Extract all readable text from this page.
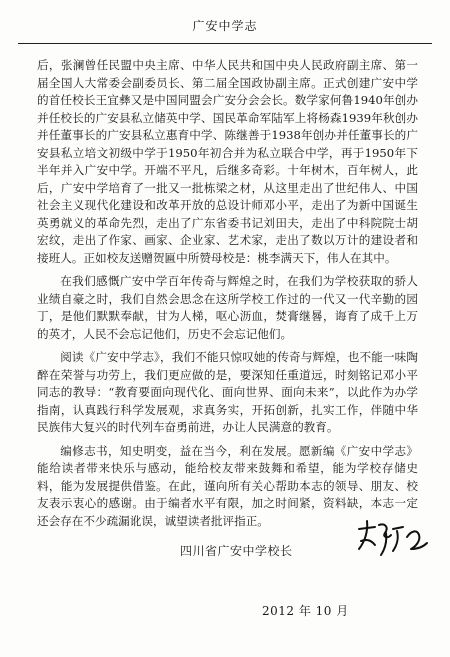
广安中学志

后，张澜曾任民盟中央主席、中华人民共和国中央人民政府副主席、第一届全国人大常委会副委员长、第二届全国政协副主席。正式创建广安中学的首任校长王宜彝又是中国同盟会广安分会会长。数学家何鲁1940年创办并任校长的广安县私立储英中学、国民革命军陆军上将杨森1939年秋创办并任董事长的广安县私立惠育中学、陈继善于1938年创办并任董事长的广安县私立培文初级中学于1950年初合并为私立联合中学，再于1950年下半年并入广安中学。开端不平凡，后继多奇彩。十年树木，百年树人，此后，广安中学培育了一批又一批栋梁之材，从这里走出了世纪伟人、中国社会主义现代化建设和改革开放的总设计师邓小平，走出了为新中国诞生英勇就义的革命先烈，走出了广东省委书记刘田夫，走出了中科院院士胡宏纹，走出了作家、画家、企业家、艺术家，走出了数以万计的建设者和接班人。正如校友送赠贺匾中所赞母校是：桃李满天下，伟人在其中。

在我们感慨广安中学百年传奇与辉煌之时，在我们为学校获取的骄人业绩自豪之时，我们自然会思念在这所学校工作过的一代又一代辛勤的园丁，是他们默默奉献，甘为人梯，呕心沥血，焚膏继晷，诲育了成千上万的英才，人民不会忘记他们，历史不会忘记他们。

阅读《广安中学志》，我们不能只惊叹她的传奇与辉煌，也不能一味陶醉在荣誉与功劳上，我们更应做的是，要深知任重道远，时刻铭记邓小平同志的教导：“教育要面向现代化、面向世界、面向未来”，以此作为办学指南，认真践行科学发展观，求真务实，开拓创新，扎实工作，伴随中华民族伟大复兴的时代列车奋勇前进，办让人民满意的教育。

编修志书，知史明变，益在当今，利在发展。愿新编《广安中学志》能给读者带来快乐与感动，能给校友带来鼓舞和希望，能为学校存储史料，能为发展提供借鉴。在此，谨向所有关心帮助本志的领导、朋友、校友表示衷心的感谢。由于编者水平有限，加之时间紧，资料缺，本志一定还会存在不少疏漏讹误，诚望读者批评指正。

四川省广安中学校长
2012 年 10 月
